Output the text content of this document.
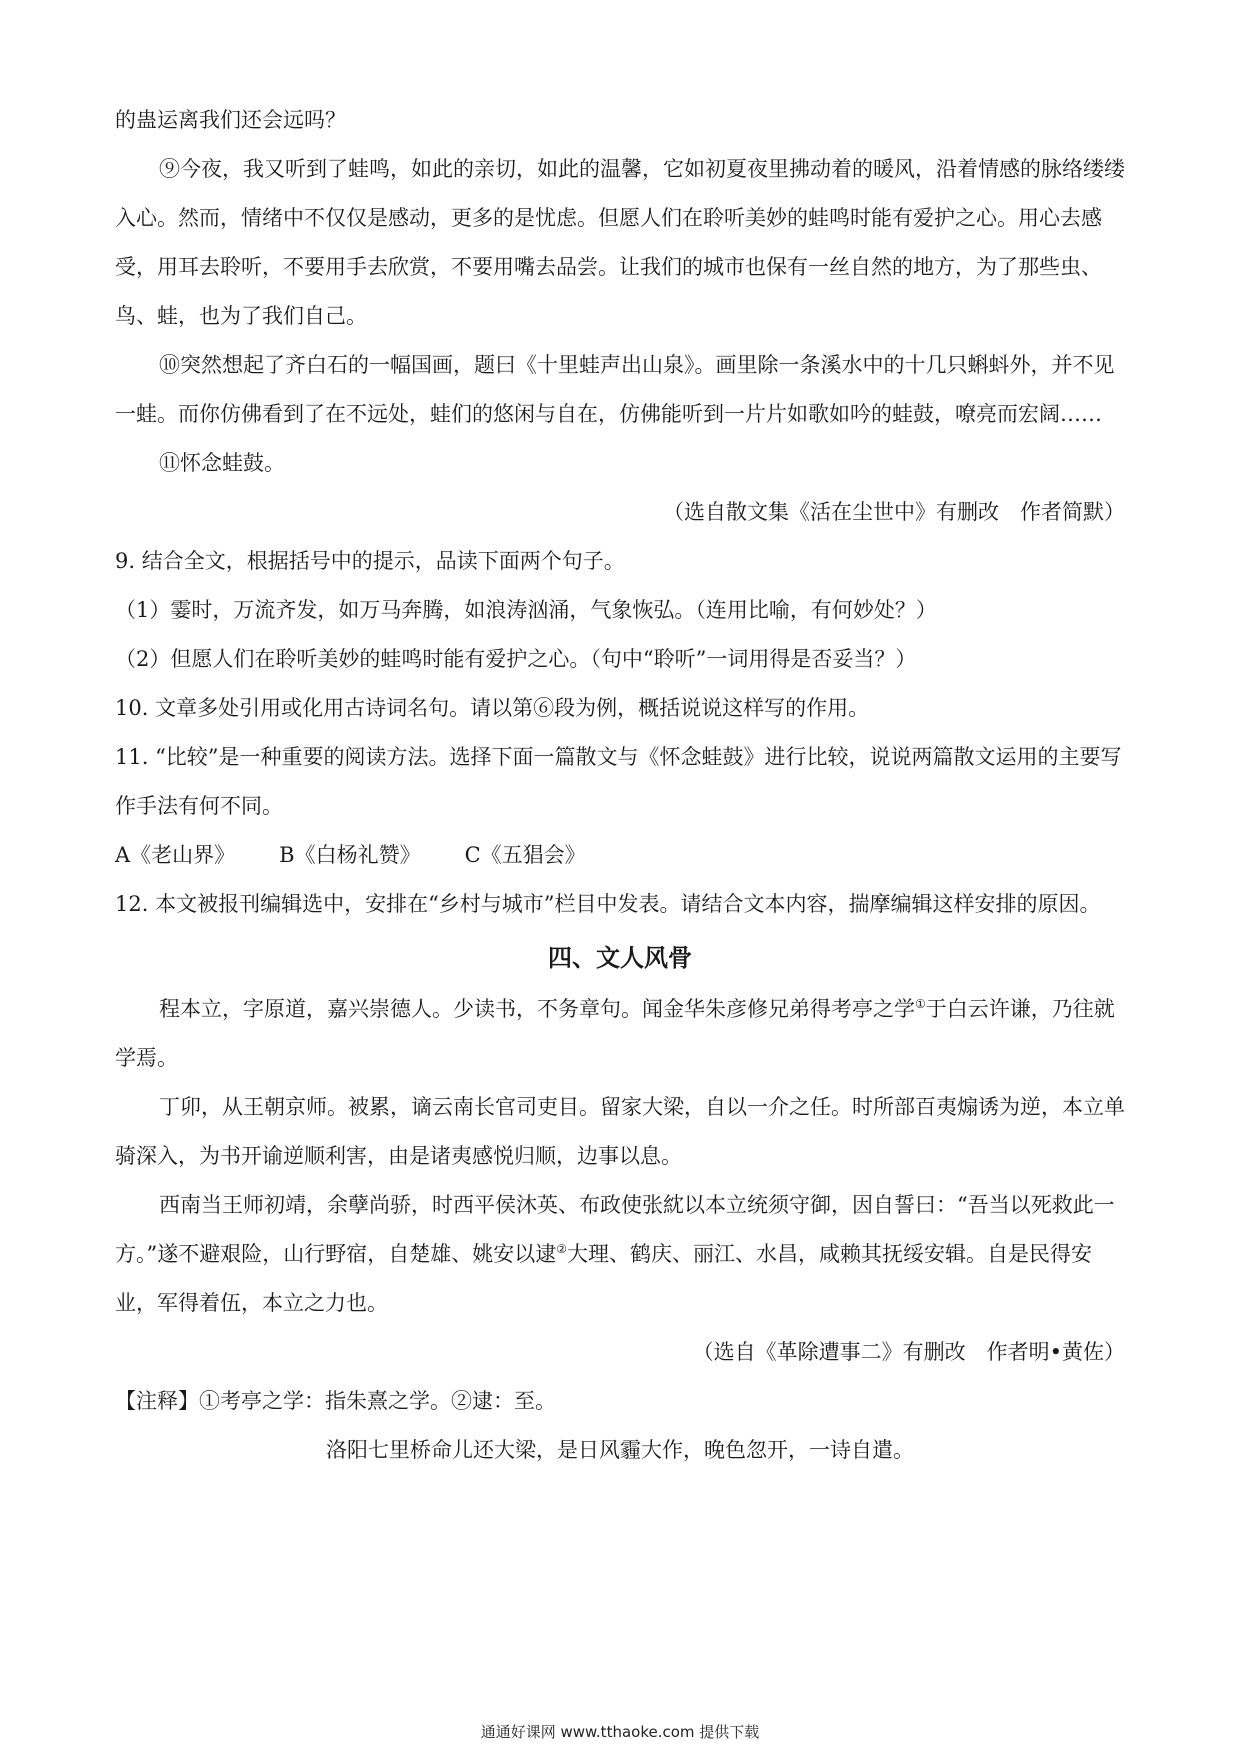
的蛊运离我们还会远吗？

⑨今夜，我又听到了蛙鸣，如此的亲切，如此的温馨，它如初夏夜里拂动着的暖风，沿着情感的脉络缕缕入心。然而，情绪中不仅仅是感动，更多的是忧虑。但愿人们在聆听美妙的蛙鸣时能有爱护之心。用心去感受，用耳去聆听，不要用手去欣赏，不要用嘴去品尝。让我们的城市也保有一丝自然的地方，为了那些虫、鸟、蛙，也为了我们自己。

⑩突然想起了齐白石的一幅国画，题曰《十里蛙声出山泉》。画里除一条溪水中的十几只蝌蚪外，并不见一蛙。而你仿佛看到了在不远处，蛙们的悠闲与自在，仿佛能听到一片片如歌如吟的蛙鼓，嘹亮而宏阔……

⑪怀念蛙鼓。

（选自散文集《活在尘世中》有删改　作者简默）

9. 结合全文，根据括号中的提示，品读下面两个句子。

（1）霎时，万流齐发，如万马奔腾，如浪涛汹涌，气象恢弘。（连用比喻，有何妙处？）

（2）但愿人们在聆听美妙的蛙鸣时能有爱护之心。（句中“聆听”一词用得是否妥当？）

10. 文章多处引用或化用古诗词名句。请以第⑥段为例，概括说说这样写的作用。

11. “比较”是一种重要的阅读方法。选择下面一篇散文与《怀念蛙鼓》进行比较，说说两篇散文运用的主要写作手法有何不同。

A《老山界》 B《白杨礼赞》 C《五猖会》

12. 本文被报刊编辑选中，安排在“乡村与城市”栏目中发表。请结合文本内容，揣摩编辑这样安排的原因。

四、文人风骨

程本立，字原道，嘉兴崇德人。少读书，不务章句。闻金华朱彦修兄弟得考亭之学①于白云许谦，乃往就学焉。

丁卯，从王朝京师。被累，谪云南长官司吏目。留家大梁，自以一介之任。时所部百夷煽诱为逆，本立单骑深入，为书开谕逆顺利害，由是诸夷感悦归顺，边事以息。

西南当王师初靖，余孽尚骄，时西平侯沐英、布政使张紞以本立统须守御，因自誓曰：“吾当以死救此一方。”遂不避艰险，山行野宿，自楚雄、姚安以逮②大理、鹤庆、丽江、水昌，咸赖其抚绥安辑。自是民得安业，军得着伍，本立之力也。

（选自《革除遭事二》有删改　作者明•黄佐）

【注释】①考亭之学：指朱熹之学。②逮：至。

洛阳七里桥命儿还大梁，是日风霾大作，晚色忽开，一诗自遣。

通通好课网 www.tthaoke.com 提供下载
